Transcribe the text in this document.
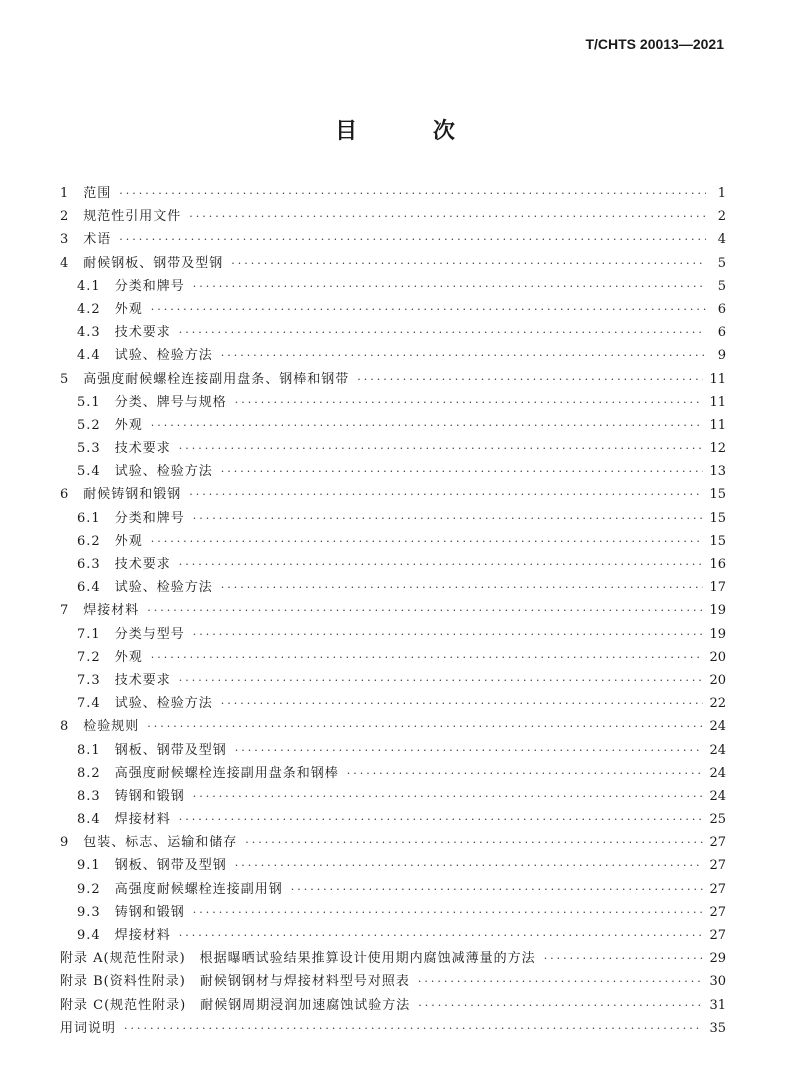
T/CHTS 20013—2021
目 次
1 范围 ·····	1
2 规范性引用文件 ·····	2
3 术语 ·····	4
4 耐候钢板、钢带及型钢 ·····	5
4.1 分类和牌号 ·····	5
4.2 外观 ·····	6
4.3 技术要求 ·····	6
4.4 试验、检验方法 ·····	9
5 高强度耐候螺栓连接副用盘条、钢棒和钢带 ·····	11
5.1 分类、牌号与规格 ·····	11
5.2 外观 ·····	11
5.3 技术要求 ·····	12
5.4 试验、检验方法 ·····	13
6 耐候铸钢和锻钢 ·····	15
6.1 分类和牌号 ·····	15
6.2 外观 ·····	15
6.3 技术要求 ·····	16
6.4 试验、检验方法 ·····	17
7 焊接材料 ·····	19
7.1 分类与型号 ·····	19
7.2 外观 ·····	20
7.3 技术要求 ·····	20
7.4 试验、检验方法 ·····	22
8 检验规则 ·····	24
8.1 钢板、钢带及型钢 ·····	24
8.2 高强度耐候螺栓连接副用盘条和钢棒 ·····	24
8.3 铸钢和锻钢 ·····	24
8.4 焊接材料 ·····	25
9 包装、标志、运输和储存 ·····	27
9.1 钢板、钢带及型钢 ·····	27
9.2 高强度耐候螺栓连接副用钢 ·····	27
9.3 铸钢和锻钢 ·····	27
9.4 焊接材料 ·····	27
附录 A(规范性附录) 根据曝晒试验结果推算设计使用期内腐蚀减薄量的方法 ·····	29
附录 B(资料性附录) 耐候钢钢材与焊接材料型号对照表 ·····	30
附录 C(规范性附录) 耐候钢周期浸润加速腐蚀试验方法 ·····	31
用词说明 ·····	35
